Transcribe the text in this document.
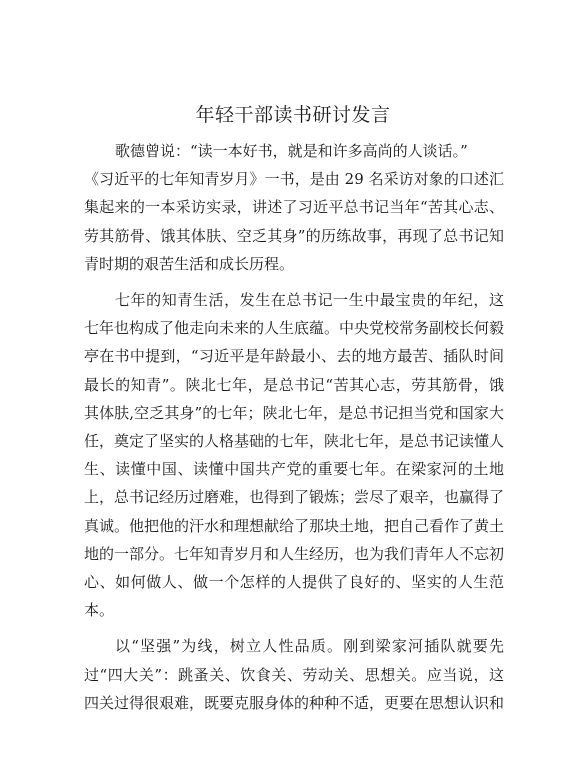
年轻干部读书研讨发言

歌德曾说：“读一本好书，就是和许多高尚的人谈话。”
《习近平的七年知青岁月》一书，是由 29 名采访对象的口述汇集起来的一本采访实录，讲述了习近平总书记当年“苦其心志、劳其筋骨、饿其体肤、空乏其身”的历练故事，再现了总书记知青时期的艰苦生活和成长历程。

七年的知青生活，发生在总书记一生中最宝贵的年纪，这七年也构成了他走向未来的人生底蕴。中央党校常务副校长何毅亭在书中提到，“习近平是年龄最小、去的地方最苦、插队时间最长的知青”。陕北七年，是总书记“苦其心志，劳其筋骨，饿其体肤,空乏其身”的七年；陕北七年，是总书记担当党和国家大任，奠定了坚实的人格基础的七年，陕北七年，是总书记读懂人生、读懂中国、读懂中国共产党的重要七年。在梁家河的土地上，总书记经历过磨难，也得到了锻炼；尝尽了艰辛，也赢得了真诚。他把他的汗水和理想献给了那块土地，把自己看作了黄土地的一部分。七年知青岁月和人生经历，也为我们青年人不忘初心、如何做人、做一个怎样的人提供了良好的、坚实的人生范本。

以“坚强”为线，树立人性品质。刚到梁家河插队就要先过“四大关”：跳蚤关、饮食关、劳动关、思想关。应当说，这四关过得很艰难，既要克服身体的种种不适，更要在思想认识和
